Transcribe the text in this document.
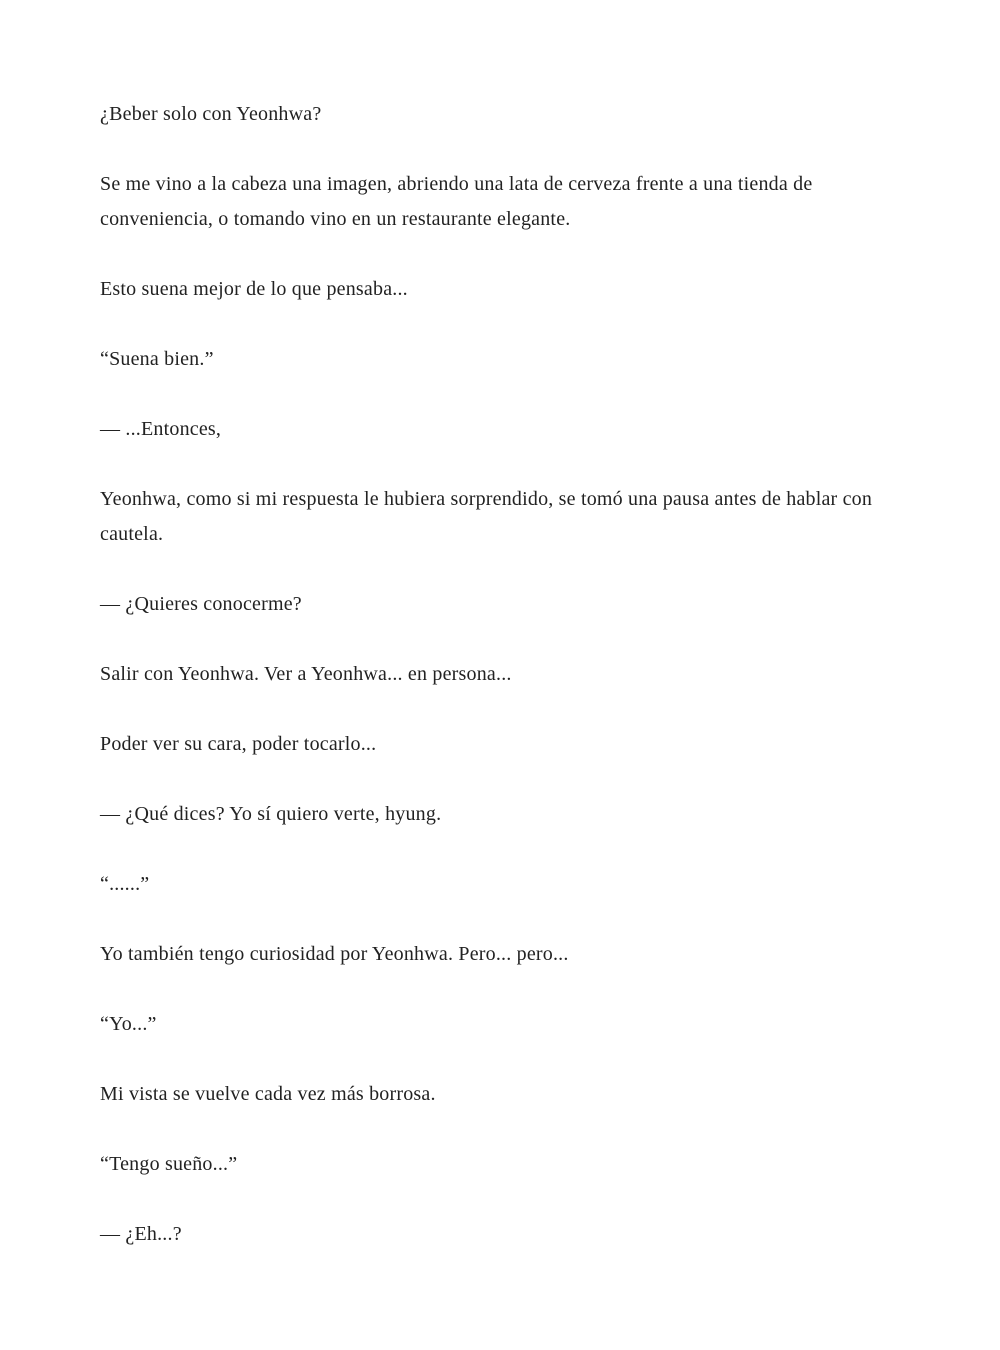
¿Beber solo con Yeonhwa?

Se me vino a la cabeza una imagen, abriendo una lata de cerveza frente a una tienda de conveniencia, o tomando vino en un restaurante elegante.

Esto suena mejor de lo que pensaba...

“Suena bien.”

— ...Entonces,

Yeonhwa, como si mi respuesta le hubiera sorprendido, se tomó una pausa antes de hablar con cautela.

— ¿Quieres conocerme?

Salir con Yeonhwa. Ver a Yeonhwa... en persona...

Poder ver su cara, poder tocarlo...

— ¿Qué dices? Yo sí quiero verte, hyung.

“......”

Yo también tengo curiosidad por Yeonhwa. Pero... pero...

“Yo...”

Mi vista se vuelve cada vez más borrosa.

“Tengo sueño...”

— ¿Eh...?
